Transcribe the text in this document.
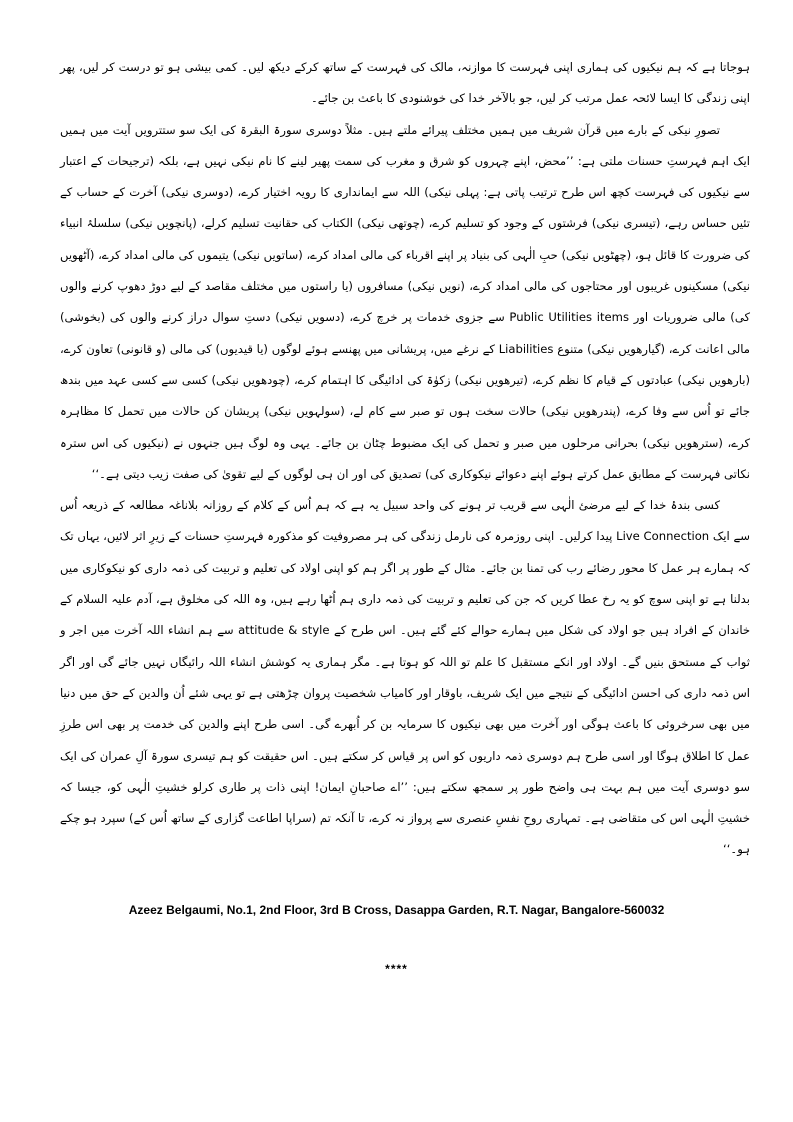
ہوجاتا ہے کہ ہم نیکیوں کی ہماری اپنی فہرست کا موازنہ، مالک کی فہرست کے ساتھ کرکے دیکھ لیں۔ کمی بیشی ہو تو درست کر لیں، پھر اپنی زندگی کا ایسا لائحہ عمل مرتب کر لیں، جو بالآخر خدا کی خوشنودی کا باعث بن جائے۔

تصورِ نیکی کے بارے میں قرآن شریف میں ہمیں مختلف پیرائے ملتے ہیں۔ مثلاً دوسری سورۃ البقرۃ کی ایک سو ستترویں آیت میں ہمیں ایک اہم فہرستِ حسنات ملتی ہے: ’’محض، اپنے چہروں کو شرق و مغرب کی سمت پھیر لینے کا نام نیکی نہیں ہے، بلکہ (ترجیحات کے اعتبار سے نیکیوں کی فہرست کچھ اس طرح ترتیب پاتی ہے: پہلی نیکی) اللہ سے ایمانداری کا رویہ اختیار کرے، (دوسری نیکی) آخرت کے حساب کے تئیں حساس رہے، (تیسری نیکی) فرشتوں کے وجود کو تسلیم کرے، (چوتھی نیکی) الکتاب کی حقانیت تسلیم کرلے، (پانچویں نیکی) سلسلۂ انبیاء کی ضرورت کا قائل ہو، (چھٹویں نیکی) حبِ الٰہی کی بنیاد پر اپنے اقرباء کی مالی امداد کرے، (ساتویں نیکی) یتیموں کی مالی امداد کرے، (آٹھویں نیکی) مسکینوں غریبوں اور محتاجوں کی مالی امداد کرے، (نویں نیکی) مسافروں (یا راستوں میں مختلف مقاصد کے لیے دوڑ دھوپ کرنے والوں کی) مالی ضروریات اور Public Utilities items سے جزوی خدمات پر خرچ کرے، (دسویں نیکی) دستِ سوال دراز کرنے والوں کی (بخوشی) مالی اعانت کرے، (گیارھویں نیکی) متنوع Liabilities کے نرغے میں، پریشانی میں پھنسے ہوئے لوگوں (یا قیدیوں) کی مالی (و قانونی) تعاون کرے، (بارھویں نیکی) عبادتوں کے قیام کا نظم کرے، (تیرھویں نیکی) زکوٰۃ کی ادائیگی کا اہتمام کرے، (چودھویں نیکی) کسی سے کسی عہد میں بندھ جائے تو اُس سے وفا کرے، (پندرھویں نیکی) حالات سخت ہوں تو صبر سے کام لے، (سولہویں نیکی) پریشان کن حالات میں تحمل کا مظاہرہ کرے، (سترھویں نیکی) بحرانی مرحلوں میں صبر و تحمل کی ایک مضبوط چٹان بن جائے۔ یہی وہ لوگ ہیں جنہوں نے (نیکیوں کی اس سترہ نکاتی فہرست کے مطابق عمل کرتے ہوئے اپنے دعوائے نیکوکاری کی) تصدیق کی اور ان ہی لوگوں کے لیے تقویٰ کی صفت زیب دیتی ہے۔‘‘

کسی بندۂ خدا کے لیے مرضئ الٰہی سے قریب تر ہونے کی واحد سبیل یہ ہے کہ ہم اُس کے کلام کے روزانہ بلاناغہ مطالعہ کے ذریعہ اُس سے ایک Live Connection پیدا کرلیں۔ اپنی روزمرہ کی نارمل زندگی کی ہر مصروفیت کو مذکورہ فہرستِ حسنات کے زیرِ اثر لائیں، یہاں تک کہ ہمارے ہر عمل کا محور رضائے رب کی تمنا بن جائے۔ مثال کے طور پر اگر ہم کو اپنی اولاد کی تعلیم و تربیت کی ذمہ داری کو نیکوکاری میں بدلنا ہے تو اپنی سوچ کو یہ رخ عطا کریں کہ جن کی تعلیم و تربیت کی ذمہ داری ہم اُٹھا رہے ہیں، وہ اللہ کی مخلوق ہے، آدم علیہ السلام کے خاندان کے افراد ہیں جو اولاد کی شکل میں ہمارے حوالے کئے گئے ہیں۔ اس طرح کے attitude & style سے ہم انشاء اللہ آخرت میں اجر و ثواب کے مستحق بنیں گے۔ اولاد اور انکے مستقبل کا علم تو اللہ کو ہوتا ہے۔ مگر ہماری یہ کوشش انشاء اللہ رائیگاں نہیں جائے گی اور اگر اس ذمہ داری کی احسن ادائیگی کے نتیجے میں ایک شریف، باوقار اور کامیاب شخصیت پروان چڑھتی ہے تو یہی شئے اُن والدین کے حق میں دنیا میں بھی سرخروئی کا باعث ہوگی اور آخرت میں بھی نیکیوں کا سرمایہ بن کر اُبھرے گی۔ اسی طرح اپنے والدین کی خدمت پر بھی اس طرزِ عمل کا اطلاق ہوگا اور اسی طرح ہم دوسری ذمہ داریوں کو اس پر قیاس کر سکتے ہیں۔ اس حقیقت کو ہم تیسری سورۃ آلِ عمران کی ایک سو دوسری آیت میں ہم بہت ہی واضح طور پر سمجھ سکتے ہیں: ’’اے صاحبانِ ایمان! اپنی ذات پر طاری کرلو خشیتِ الٰہی کو، جیسا کہ خشیتِ الٰہی اس کی متقاضی ہے۔ تمہاری روحِ نفسِ عنصری سے پرواز نہ کرے، تا آنکہ تم (سراپا اطاعت گزاری کے ساتھ اُس کے) سپرد ہو چکے ہو۔‘‘

Azeez Belgaumi, No.1, 2nd Floor, 3rd B Cross, Dasappa Garden, R.T. Nagar, Bangalore-560032
****
